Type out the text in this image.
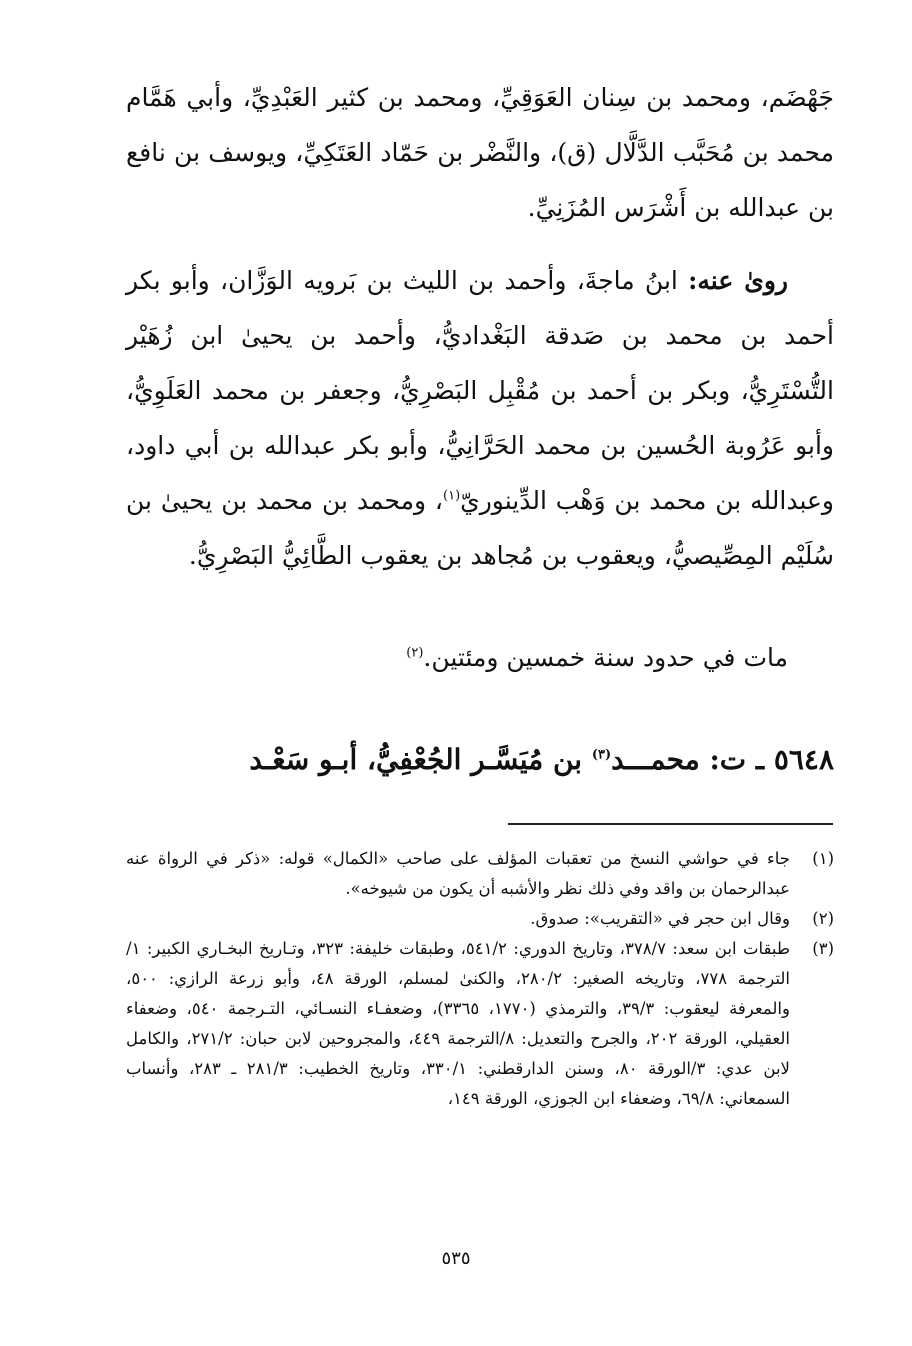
جَهْضَم، ومحمد بن سِنان العَوَقِيِّ، ومحمد بن كثير العَبْدِيِّ، وأبي هَمَّام محمد بن مُحَبَّب الدَّلَّال (ق)، والنَّضْر بن حَمّاد العَتَكِيِّ، ويوسف بن نافع بن عبدالله بن أَشْرَس المُزَنِيِّ.

روىٰ عنه: ابنُ ماجةَ، وأحمد بن الليث بن بَرويه الوَزَّان، وأبو بكر أحمد بن محمد بن صَدقة البَغْداديُّ، وأحمد بن يحيىٰ ابن زُهَيْر التُّسْتَرِيُّ، وبكر بن أحمد بن مُقْبِل البَصْرِيُّ، وجعفر بن محمد العَلَوِيُّ، وأبو عَرُوبة الحُسين بن محمد الحَرَّانِيُّ، وأبو بكر عبدالله بن أبي داود، وعبدالله بن محمد بن وَهْب الدِّينوريّ$^{(١)}$، ومحمد بن محمد بن يحيىٰ بن سُلَيْم المِصِّيصيُّ، ويعقوب بن مُجاهد بن يعقوب الطَّائِيُّ البَصْرِيُّ.

مات في حدود سنة خمسين ومئتين.$^{(٢)}$

٥٦٤٨ ـ ت: محمـــد$^{(٣)}$ بن مُيَسَّـر الجُعْفِيُّ، أبـو سَعْـد

(١)
جاء في حواشي النسخ من تعقبات المؤلف على صاحب «الكمال» قوله: «ذكر في الرواة عنه عبدالرحمان بن واقد وفي ذلك نظر والأشبه أن يكون من شيوخه».
(٢)
وقال ابن حجر في «التقريب»: صدوق.
(٣)
طبقات ابن سعد: ٣٧٨/٧، وتاريخ الدوري: ٥٤١/٢، وطبقات خليفة: ٣٢٣، وتـاريخ البخـاري الكبير: ١/الترجمة ٧٧٨، وتاريخه الصغير: ٢٨٠/٢، والكنىٰ لمسلم، الورقة ٤٨، وأبو زرعة الرازي: ٥٠٠، والمعرفة ليعقوب: ٣٩/٣، والترمذي (١٧٧٠، ٣٣٦٥)، وضعفـاء النسـائي، التـرجمة ٥٤٠، وضعفاء العقيلي، الورقة ٢٠٢، والجرح والتعديل: ٨/الترجمة ٤٤٩، والمجروحين لابن حبان: ٢٧١/٢، والكامل لابن عدي: ٣/الورقة ٨٠، وسنن الدارقطني: ٣٣٠/١، وتاريخ الخطيب: ٢٨١/٣ ـ ٢٨٣، وأنساب السمعاني: ٦٩/٨، وضعفاء ابن الجوزي، الورقة ١٤٩،
٥٣٥
